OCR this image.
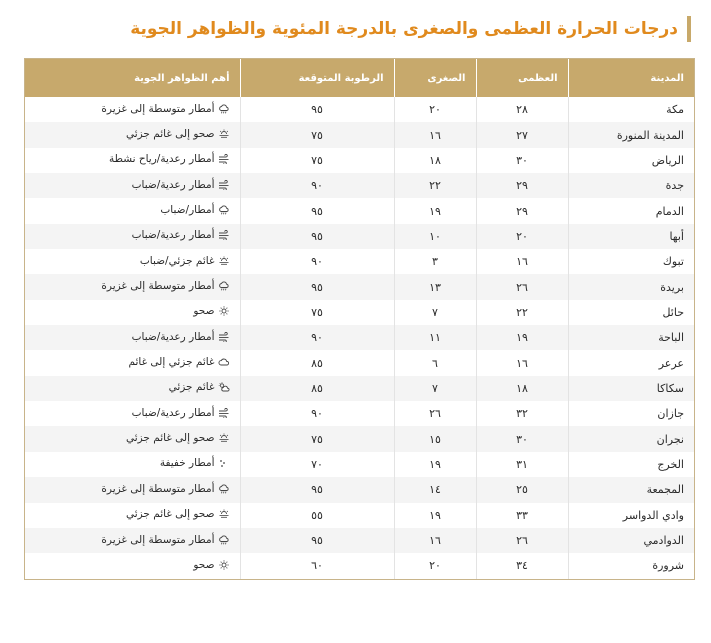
درجات الحرارة العظمى والصغرى بالدرجة المئوية والظواهر الجوية
المدينة	العظمى	الصغرى	الرطوبة المتوقعة	أهم الظواهر الجوية
مكة	٢٨	٢٠	٩٥	أمطار متوسطة إلى غزيرة

المدينة المنورة	٢٧	١٦	٧٥	صحو إلى غائم جزئي

الرياض	٣٠	١٨	٧٥	أمطار رعدية/رياح نشطة

جدة	٢٩	٢٢	٩٠	أمطار رعدية/ضباب

الدمام	٢٩	١٩	٩٥	أمطار/ضباب

أبها	٢٠	١٠	٩٥	أمطار رعدية/ضباب

تبوك	١٦	٣	٩٠	غائم جزئي/ضباب

بريدة	٢٦	١٣	٩٥	أمطار متوسطة إلى غزيرة

حائل	٢٢	٧	٧٥	صحو

الباحة	١٩	١١	٩٠	أمطار رعدية/ضباب

عرعر	١٦	٦	٨٥	غائم جزئي إلى غائم

سكاكا	١٨	٧	٨٥	غائم جزئي

جازان	٣٢	٢٦	٩٠	أمطار رعدية/ضباب

نجران	٣٠	١٥	٧٥	صحو إلى غائم جزئي

الخرج	٣١	١٩	٧٠	أمطار خفيفة

المجمعة	٢٥	١٤	٩٥	أمطار متوسطة إلى غزيرة

وادي الدواسر	٣٣	١٩	٥٥	صحو إلى غائم جزئي

الدوادمي	٢٦	١٦	٩٥	أمطار متوسطة إلى غزيرة

شرورة	٣٤	٢٠	٦٠	صحو
